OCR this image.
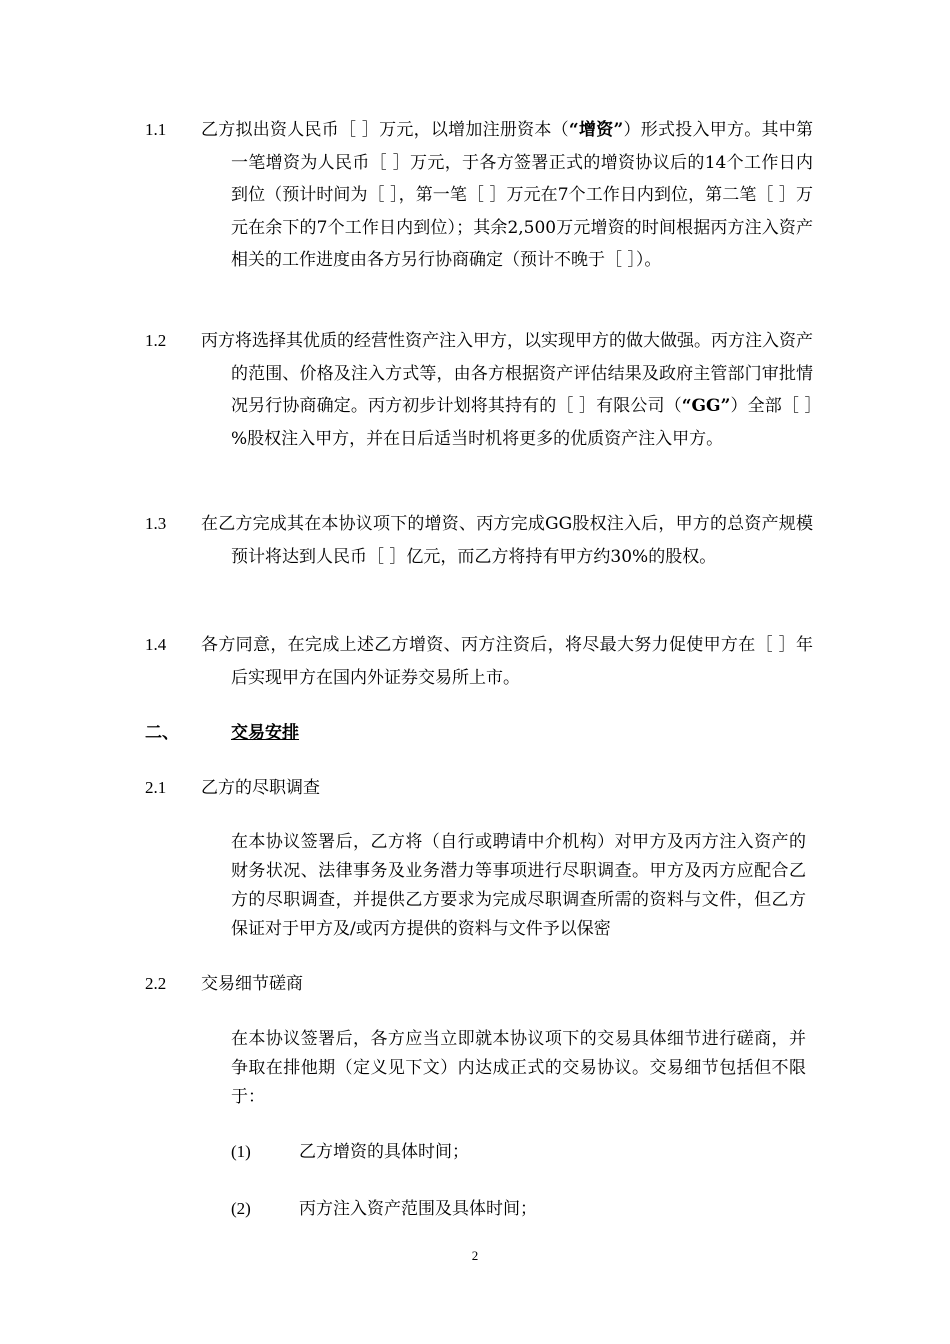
1.1 乙方拟出资人民币［ ］万元，以增加注册资本（“增资”）形式投入甲方。其中第一笔增资为人民币［ ］万元，于各方签署正式的增资协议后的14个工作日内到位（预计时间为［ ］，第一笔［ ］万元在7个工作日内到位，第二笔［ ］万元在余下的7个工作日内到位）；其余2,500万元增资的时间根据丙方注入资产相关的工作进度由各方另行协商确定（预计不晚于［ ］）。
1.2 丙方将选择其优质的经营性资产注入甲方，以实现甲方的做大做强。丙方注入资产的范围、价格及注入方式等，由各方根据资产评估结果及政府主管部门审批情况另行协商确定。丙方初步计划将其持有的［ ］有限公司（“GG”）全部［ ］%股权注入甲方，并在日后适当时机将更多的优质资产注入甲方。
1.3 在乙方完成其在本协议项下的增资、丙方完成GG股权注入后，甲方的总资产规模预计将达到人民币［ ］亿元，而乙方将持有甲方约30%的股权。
1.4 各方同意，在完成上述乙方增资、丙方注资后，将尽最大努力促使甲方在［ ］年后实现甲方在国内外证券交易所上市。
二、	交易安排
2.1 乙方的尽职调查
在本协议签署后，乙方将（自行或聘请中介机构）对甲方及丙方注入资产的财务状况、法律事务及业务潜力等事项进行尽职调查。甲方及丙方应配合乙方的尽职调查，并提供乙方要求为完成尽职调查所需的资料与文件，但乙方保证对于甲方及/或丙方提供的资料与文件予以保密
2.2 交易细节磋商
在本协议签署后，各方应当立即就本协议项下的交易具体细节进行磋商，并争取在排他期（定义见下文）内达成正式的交易协议。交易细节包括但不限于：
(1)	乙方增资的具体时间；
(2)	丙方注入资产范围及具体时间；
2
